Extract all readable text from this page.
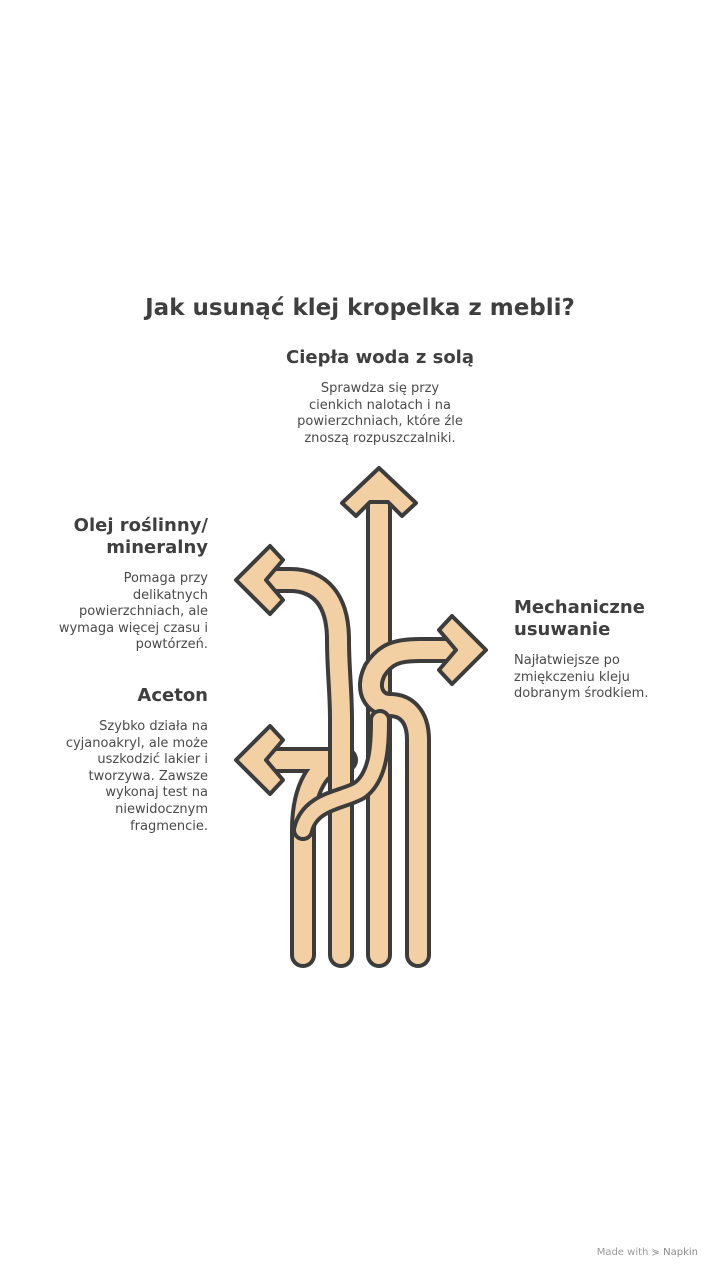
Jak usunąć klej kropelka z mebli?
Ciepła woda z solą
Sprawdza się przy
cienkich nalotach i na
powierzchniach, które źle
znoszą rozpuszczalniki.
Olej roślinny/
mineralny
Pomaga przy
delikatnych
powierzchniach, ale
wymaga więcej czasu i
powtórzeń.
Aceton
Szybko działa na
cyjanoakryl, ale może
uszkodzić lakier i
tworzywa. Zawsze
wykonaj test na
niewidocznym
fragmencie.
Mechaniczne
usuwanie
Najłatwiejsze po
zmiękczeniu kleju
dobranym środkiem.
Made with ⋟ Napkin
